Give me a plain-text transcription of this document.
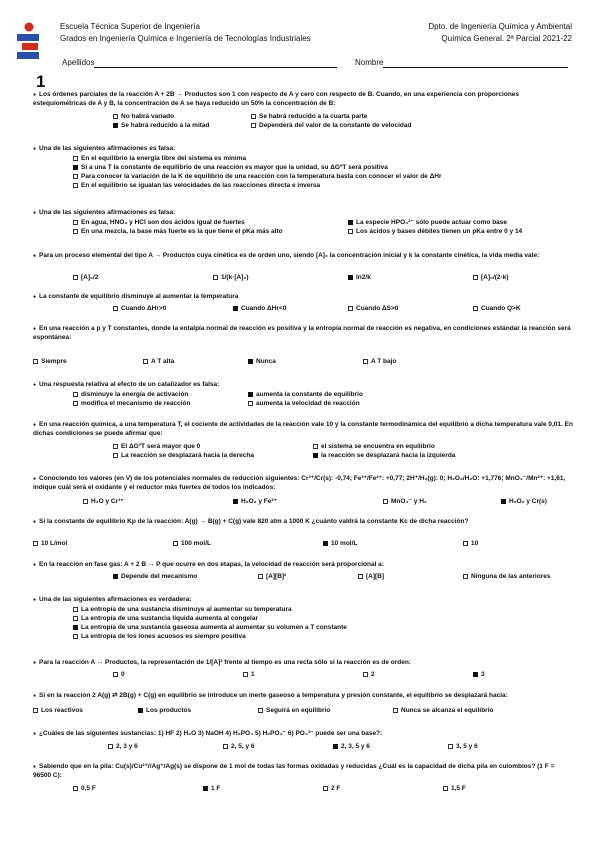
Escuela Técnica Superior de Ingeniería
Grados en Ingeniería Química e Ingeniería de Tecnologías Industriales
Dpto. de Ingeniería Química y Ambiental
Química General. 2ª Parcial 2021-22
Apellidos	Nombre
1
● Los órdenes parciales de la reacción A + 2B → Productos son 1 con respecto de A y cero con respecto de B. Cuando, en una experiencia con proporciones estequiométricas de A y B, la concentración de A se haya reducido un 50% la concentración de B:
No habrá variado	Se habrá reducido a la cuarta parte
Se habrá reducido a la mitad	Dependerá del valor de la constante de velocidad
● Una de las siguientes afirmaciones es falsa:
En el equilibrio la energía libre del sistema es mínima
Si a una T la constante de equilibrio de una reacción es mayor que la unidad, su ΔGºT será positiva
Para conocer la variación de la K de equilibrio de una reacción con la temperatura basta con conocer el valor de ΔHr
En el equilibrio se igualan las velocidades de las reacciones directa e inversa
● Una de las siguientes afirmaciones es falsa:
En agua, HNO₃ y HCl son dos ácidos igual de fuertes	La especie HPO₄²⁻ sólo puede actuar como base
En una mezcla, la base más fuerte es la que tiene el pKa más alto	Los ácidos y bases débiles tienen un pKa entre 0 y 14
● Para un proceso elemental del tipo A → Productos cuya cinética es de orden uno, siendo [A]₀ la concentración inicial y k la constante cinética, la vida media vale:
[A]₀/2	1/(k·[A]₀)	ln2/k	[A]₀/(2·k)
● La constante de equilibrio disminuye al aumentar la temperatura
Cuando ΔHr>0	Cuando ΔHr<0	Cuando ΔS>0	Cuando Q>K
● En una reacción a p y T constantes, donde la entalpía normal de reacción es positiva y la entropía normal de reacción es negativa, en condiciones estándar la reacción será espontánea:
Siempre	A T alta	Nunca	A T bajo
● Una respuesta relativa al efecto de un catalizador es falsa:
disminuye la energía de activación	aumenta la constante de equilibrio
modifica el mecanismo de reacción	aumenta la velocidad de reacción
● En una reacción química, a una temperatura T, el cociente de actividades de la reacción vale 10 y la constante termodinámica del equilibrio a dicha temperatura vale 0,01. En dichas condiciones se puede afirmar que:
El ΔGºT será mayor que 0	el sistema se encuentra en equilibrio
La reacción se desplazará hacia la derecha	la reacción se desplazará hacia la izquierda
● Conociendo los valores (en V) de los potenciales normales de reducción siguientes: Cr³⁺/Cr(s): -0,74; Fe³⁺/Fe²⁺: +0,77; 2H⁺/H₂(g): 0; H₂O₂/H₂O: +1,776; MnO₄⁻/Mn²⁺: +1,61, indique cuál será el oxidante y el reductor más fuertes de todos los indicados:
H₂O y Cr³⁺	H₂O₂ y Fe²⁺	MnO₄⁻ y H₂	H₂O₂ y Cr(s)
● Si la constante de equilibrio Kp de la reacción: A(g) → B(g) + C(g) vale 820 atm a 1000 K ¿cuánto valdrá la constante Kc de dicha reacción?
10 L/mol	100 mol/L	10 mol/L	10
● En la reacción en fase gas: A + 2 B → P que ocurre en dos etapas, la velocidad de reacción será proporcional a:
Depende del mecanismo	[A][B]²	[A][B]	Ninguna de las anteriores
● Una de las siguientes afirmaciones es verdadera:
La entropía de una sustancia disminuye al aumentar su temperatura
La entropía de una sustancia líquida aumenta al congelar
La entropía de una sustancia gaseosa aumenta al aumentar su volumen a T constante
La entropía de los iones acuosos es siempre positiva
● Para la reacción A → Productos, la representación de 1/[A]² frente al tiempo es una recta sólo si la reacción es de orden:
0	1	2	3
● Si en la reacción 2 A(g) ⇄ 2B(g) + C(g) en equilibrio se introduce un inerte gaseoso a temperatura y presión constante, el equilibrio se desplazará hacia:
Los reactivos	Los productos	Seguirá en equilibrio	Nunca se alcanza el equilibrio
● ¿Cuáles de las siguientes sustancias: 1) HF 2) H₂O 3) NaOH 4) H₃PO₄ 5) H₂PO₄⁻ 6) PO₄³⁻ puede ser una base?:
2, 3 y 6	2, 5, y 6	2, 3, 5 y 6	3, 5 y 6
● Sabiendo que en la pila: Cu(s)/Cu²⁺//Ag⁺/Ag(s) se dispone de 1 mol de todas las formas oxidadas y reducidas ¿Cuál es la capacidad de dicha pila en culombios? (1 F = 96500 C):
0,5 F	1 F	2 F	1,5 F
